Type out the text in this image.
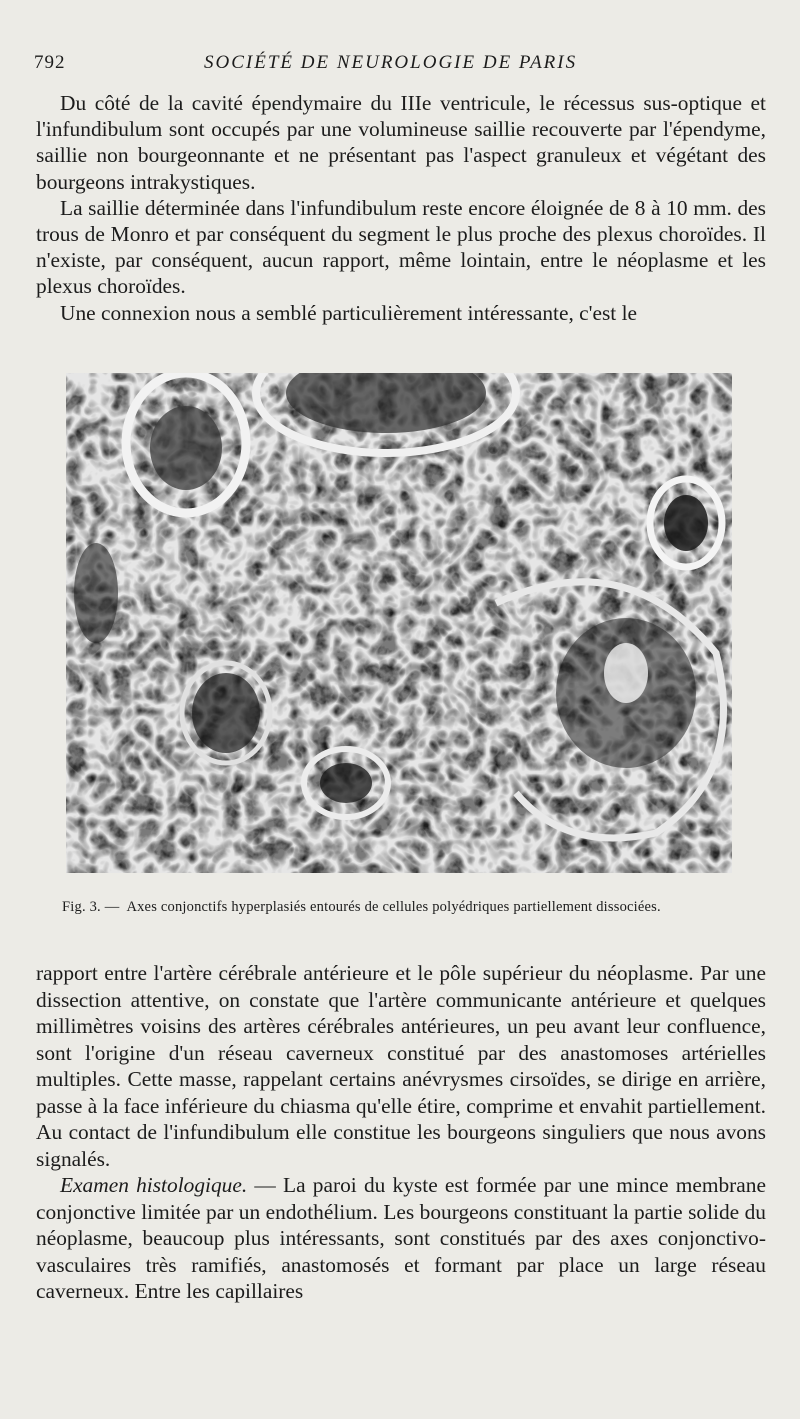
792	SOCIÉTÉ DE NEUROLOGIE DE PARIS

Du côté de la cavité épendymaire du IIIe ventricule, le récessus sus-optique et l'infundibulum sont occupés par une volumineuse saillie recouverte par l'épendyme, saillie non bourgeonnante et ne présentant pas l'aspect granuleux et végétant des bourgeons intrakystiques.

La saillie déterminée dans l'infundibulum reste encore éloignée de 8 à 10 mm. des trous de Monro et par conséquent du segment le plus proche des plexus choroïdes. Il n'existe, par conséquent, aucun rapport, même lointain, entre le néoplasme et les plexus choroïdes.

Une connexion nous a semblé particulièrement intéressante, c'est le

Fig. 3. — Axes conjonctifs hyperplasiés entourés de cellules polyédriques partiellement dissociées.

rapport entre l'artère cérébrale antérieure et le pôle supérieur du néoplasme. Par une dissection attentive, on constate que l'artère communicante antérieure et quelques millimètres voisins des artères cérébrales antérieures, un peu avant leur confluence, sont l'origine d'un réseau caverneux constitué par des anastomoses artérielles multiples. Cette masse, rappelant certains anévrysmes cirsoïdes, se dirige en arrière, passe à la face inférieure du chiasma qu'elle étire, comprime et envahit partiellement. Au contact de l'infundibulum elle constitue les bourgeons singuliers que nous avons signalés.

Examen histologique. — La paroi du kyste est formée par une mince membrane conjonctive limitée par un endothélium. Les bourgeons constituant la partie solide du néoplasme, beaucoup plus intéressants, sont constitués par des axes conjonctivo-vasculaires très ramifiés, anastomosés et formant par place un large réseau caverneux. Entre les capillaires
